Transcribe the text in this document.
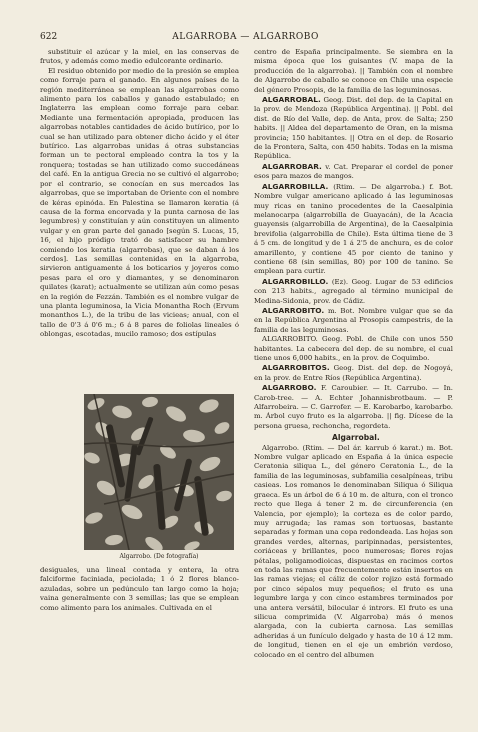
622	ALGARROBA — ALGARROBO

substituir el azúcar y la miel, en las conservas de frutos, y además como medio edulcorante ordinario.

El residuo obtenido por medio de la presión se emplea como forraje para el ganado. En algunos países de la región mediterránea se emplean las algarrobas como alimento para los caballos y ganado estabulado; en Inglaterra las emplean como forraje para cebar. Mediante una fermentación apropiada, producen las algarrobas notables cantidades de ácido butírico, por lo cual se han utilizado para obtener dicho ácido y el éter butírico. Las algarrobas unidas á otras substancias forman un te pectoral empleado contra la tos y la ronquera; tostadas se han utilizado como succedáneas del café. En la antigua Grecia no se cultivó el algarrobo; por el contrario, se conocían en sus mercados las algarrobas, que se importaban de Oriente con el nombre de kéras epinóda. En Palestina se llamaron keratia (á causa de la forma encorvada y la punta carnosa de las legumbres) y constituían y aún constituyen un alimento vulgar y en gran parte del ganado [según S. Lucas, 15, 16, el hijo pródigo trató de satisfacer su hambre comiendo los keratia (algarrobas), que se daban á los cerdos]. Las semillas contenidas en la algarroba, sirvieron antiguamente á los boticarios y joyeros como pesas para el oro y diamantes, y se denominaron quilates (karat); actualmente se utilizan aún como pesas en la región de Fezzán. También es el nombre vulgar de una planta leguminosa, la Vicia Monantha Roch (Ervum monanthos L.), de la tribu de las vicieas; anual, con el tallo de 0'3 á 0'6 m.; 6 á 8 pares de foliolas lineales ó oblongas, escotadas, mucilo ramoso; dos estípulas

Algarrobo. (De fotografía)

desiguales, una lineal contada y entera, la otra falciforme faciniada, peciolada; 1 ó 2 flores blanco-azuladas, sobre un pedúnculo tan largo como la hoja; vaina generalmente con 3 semillas; las que se emplean como alimento para los animales. Cultivada en el

centro de España principalmente. Se siembra en la misma época que los guisantes (V. mapa de la producción de la algarroba). || También con el nombre de Algarrobo de caballo se conoce en Chile una especie del género Prosopis, de la familia de las leguminosas.

ALGARROBAL. Geog. Dist. del dep. de la Capital en la prov. de Mendoza (República Argentina). || Pobl. del dist. de Río del Valle, dep. de Anta, prov. de Salta; 250 habits. || Aldea del departamento de Oran, en la misma provincia; 150 habitantes. || Otra en el dep. de Rosario de la Frontera, Salta, con 450 habits. Todas en la misma República.

ALGARROBAR. v. Cat. Preparar el cordel de poner esos para mazos de mangos.

ALGARROBILLA. (Rtim. — De algarroba.) f. Bot. Nombre vulgar americano aplicado á las leguminosas muy ricas en tanino procedentes de la Caesalpinia melanocarpa (algarrobilla de Guayacán), de la Acacia guayensis (algarrobilla de Argentina), de la Caesalpinia brevifolia (algarrobilla de Chile). Esta última tiene de 3 á 5 cm. de longitud y de 1 á 2'5 de anchura, es de color amarillento, y contiene 45 por ciento de tanino y contiene 68 (sin semillas, 80) por 100 de tanino. Se emplean para curtir.

ALGARROBILLO. (Ez). Geog. Lugar de 53 edificios con 213 habits., agregado al término municipal de Medina-Sidonia, prov. de Cádiz.

ALGARROBITO. m. Bot. Nombre vulgar que se da en la República Argentina al Prosopis campestris, de la familia de las leguminosas.

ALGARROBITO. Geog. Pobl. de Chile con unos 550 habitantes. La cabecera del dep. de su nombre, el cual tiene unos 6,000 habits., en la prov. de Coquimbo.

ALGARROBITOS. Geog. Dist. del dep. de Nogoyá, en la prov. de Entre Ríos (República Argentina).

ALGARROBO. F. Caroubier. — It. Carrubo. — In. Carob-tree. — A. Echter Johannisbrotbaum. — P. Alfarrobeira. — C. Garrofer. — E. Karobarbo, karobarbo. m. Árbol cuyo fruto es la algarroba. || fig. Dícese de la persona gruesa, rechoncha, regordeta.

Algarrobal.

Algarrobo. (Rtim. — Del ár. karrub ó karat.) m. Bot. Nombre vulgar aplicado en España á la única especie Ceratonia siliqua L., del género Ceratonia L., de la familia de las leguminosas, subfamilia cesalpíneas, tribu casieas. Los romanos le denominaban Siliqua ó Siliqua graeca. Es un árbol de 6 á 10 m. de altura, con el tronco recto que llega á tener 2 m. de circunferencia (en Valencia, por ejemplo); la corteza es de color pardo, muy arrugada; las ramas son tortuosas, bastante separadas y forman una copa redondeada. Las hojas son grandes verdes, alternas, paripinnadas, persistentes, coriáceas y brillantes, poco numerosas; flores rojas pétalas, poligamodioicas, dispuestas en racimos cortos en toda las ramas que frecuentemente están insertos en las ramas viejas; el cáliz de color rojizo está formado por cinco sépalos muy pequeños; el fruto es una legumbre larga y con cinco estambres terminados por una antera versátil, bilocular é intrors. El fruto es una silicua comprimida (V. Algarroba) más ó menos alargada, con la cubierta carnosa. Las semillas adheridas á un funículo delgado y hasta de 10 á 12 mm. de longitud, tienen en el eje un embrión verdoso, colocado en el centro del albumen
